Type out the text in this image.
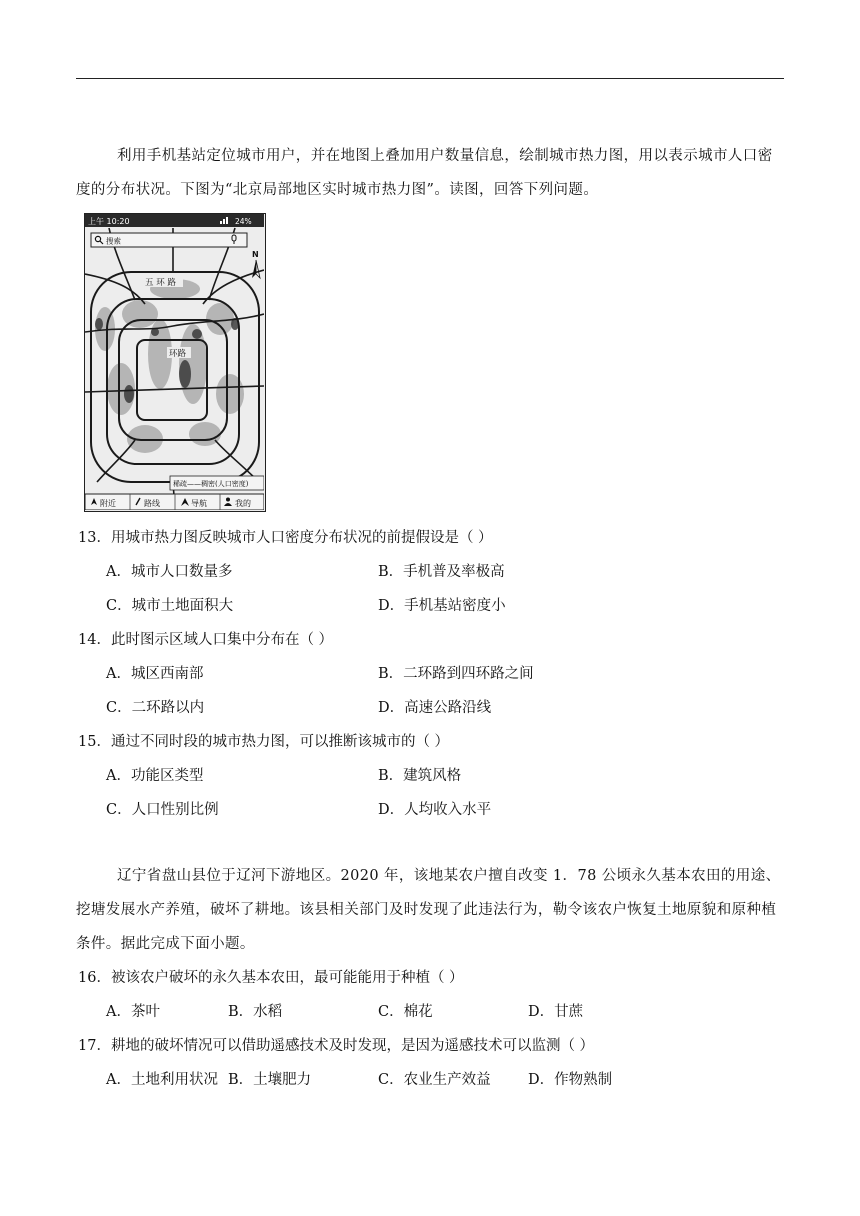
利用手机基站定位城市用户，并在地图上叠加用户数量信息，绘制城市热力图，用以表示城市人口密度的分布状况。下图为“北京局部地区实时城市热力图”。读图，回答下列问题。
上午 10:20	24%
搜索
N
五 环 路
环路
稀疏——稠密(人口密度)
附近	路线	导航	我的
13．用城市热力图反映城市人口密度分布状况的前提假设是（ ）
A．城市人口数量多	B．手机普及率极高
C．城市土地面积大	D．手机基站密度小
14．此时图示区域人口集中分布在（ ）
A．城区西南部	B．二环路到四环路之间
C．二环路以内	D．高速公路沿线
15．通过不同时段的城市热力图，可以推断该城市的（ ）
A．功能区类型	B．建筑风格
C．人口性别比例	D．人均收入水平
辽宁省盘山县位于辽河下游地区。2020 年，该地某农户擅自改变 1．78 公顷永久基本农田的用途、挖塘发展水产养殖，破坏了耕地。该县相关部门及时发现了此违法行为，勒令该农户恢复土地原貌和原种植条件。据此完成下面小题。
16．被该农户破坏的永久基本农田，最可能能用于种植（ ）
A．茶叶	B．水稻	C．棉花	D．甘蔗
17．耕地的破坏情况可以借助遥感技术及时发现，是因为遥感技术可以监测（ ）
A．土地利用状况 B．土壤肥力	C．农业生产效益	D．作物熟制
